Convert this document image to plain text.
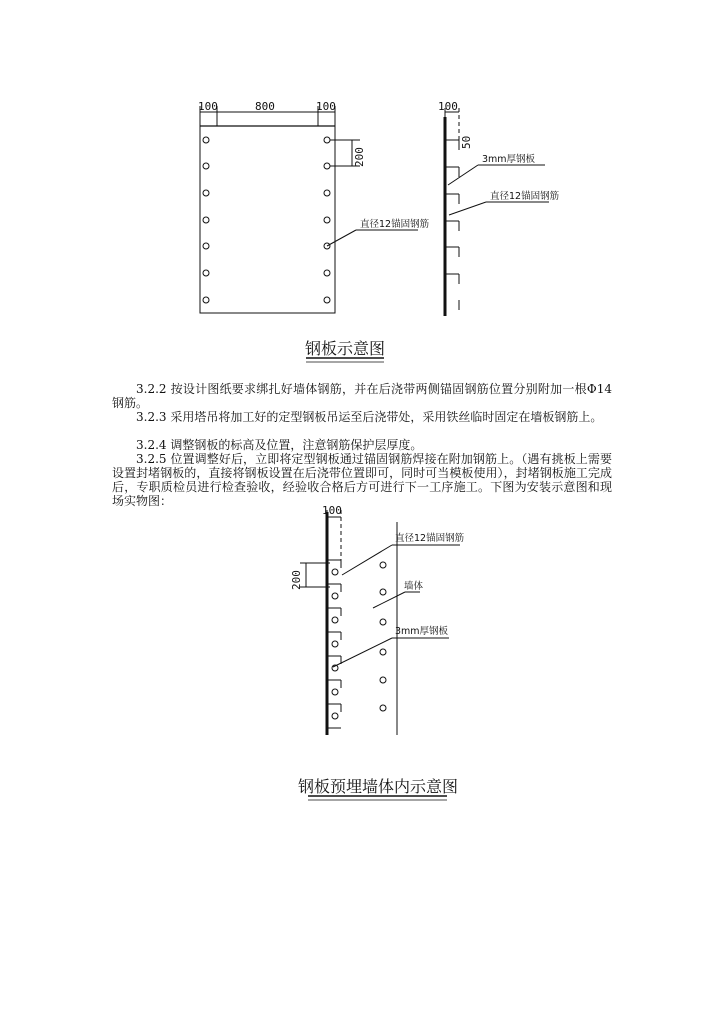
100	800	100
200
直径12锚固钢筋
钢板示意图
100
50
3mm厚钢板
直径12锚固钢筋
100
200
直径12锚固钢筋
墙体
3mm厚钢板
钢板预埋墙体内示意图

3.2.2 按设计图纸要求绑扎好墙体钢筋，并在后浇带两侧锚固钢筋位置分别附加一根Φ14钢筋。

3.2.3 采用塔吊将加工好的定型钢板吊运至后浇带处，采用铁丝临时固定在墙板钢筋上。

3.2.4 调整钢板的标高及位置，注意钢筋保护层厚度。

3.2.5 位置调整好后，立即将定型钢板通过锚固钢筋焊接在附加钢筋上。（遇有挑板上需要设置封堵钢板的，直接将钢板设置在后浇带位置即可，同时可当模板使用），封堵钢板施工完成后，专职质检员进行检查验收，经验收合格后方可进行下一工序施工。下图为安装示意图和现场实物图：
